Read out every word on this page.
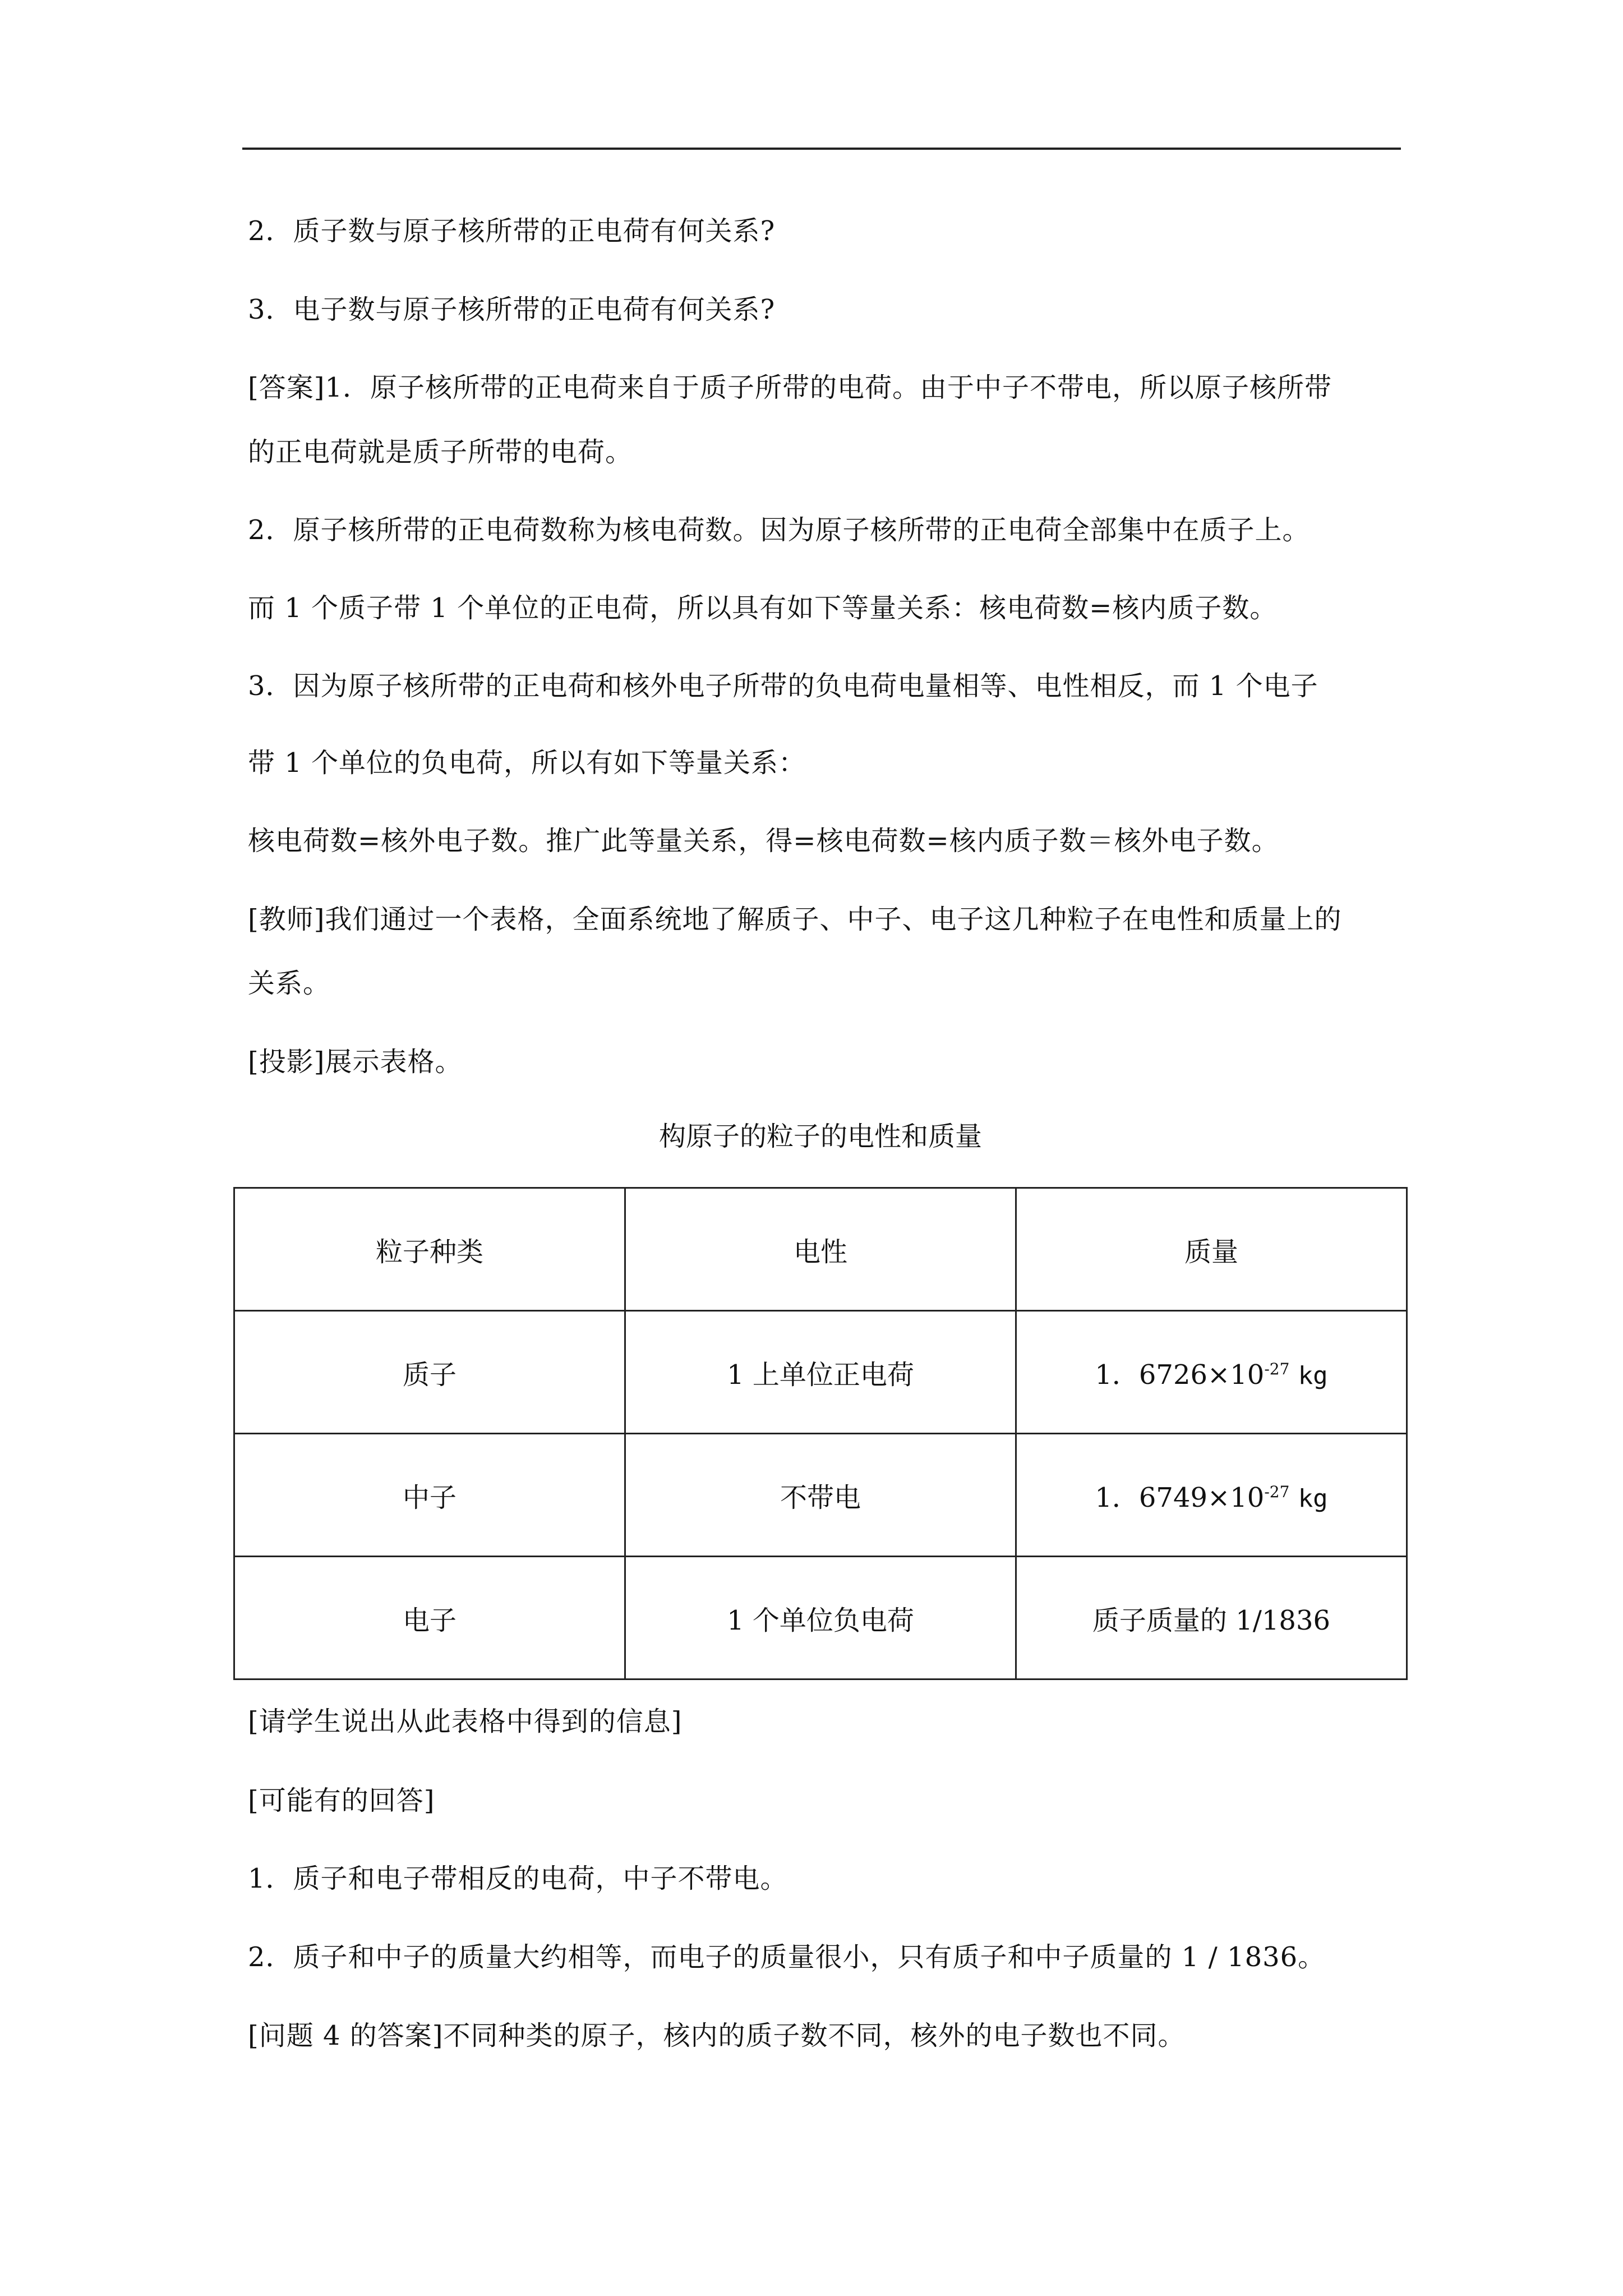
2．质子数与原子核所带的正电荷有何关系?
3．电子数与原子核所带的正电荷有何关系?
[答案]1．原子核所带的正电荷来自于质子所带的电荷。由于中子不带电，所以原子核所带
的正电荷就是质子所带的电荷。
2．原子核所带的正电荷数称为核电荷数。因为原子核所带的正电荷全部集中在质子上。
而 1 个质子带 1 个单位的正电荷，所以具有如下等量关系：核电荷数=核内质子数。
3．因为原子核所带的正电荷和核外电子所带的负电荷电量相等、电性相反，而 1 个电子
带 1 个单位的负电荷，所以有如下等量关系：
核电荷数=核外电子数。推广此等量关系，得=核电荷数=核内质子数＝核外电子数。
[教师]我们通过一个表格，全面系统地了解质子、中子、电子这几种粒子在电性和质量上的
关系。
[投影]展示表格。
构原子的粒子的电性和质量
粒子种类	电性	质量
质子	1 上单位正电荷	1．$6726\times 10^{-27}$ kg
中子	不带电	1．$6749\times 10^{-27}$ kg
电子	1 个单位负电荷	质子质量的 1/1836
[请学生说出从此表格中得到的信息]
[可能有的回答]
1．质子和电子带相反的电荷，中子不带电。
2．质子和中子的质量大约相等，而电子的质量很小，只有质子和中子质量的 1 / 1836。
[问题 4 的答案]不同种类的原子，核内的质子数不同，核外的电子数也不同。
